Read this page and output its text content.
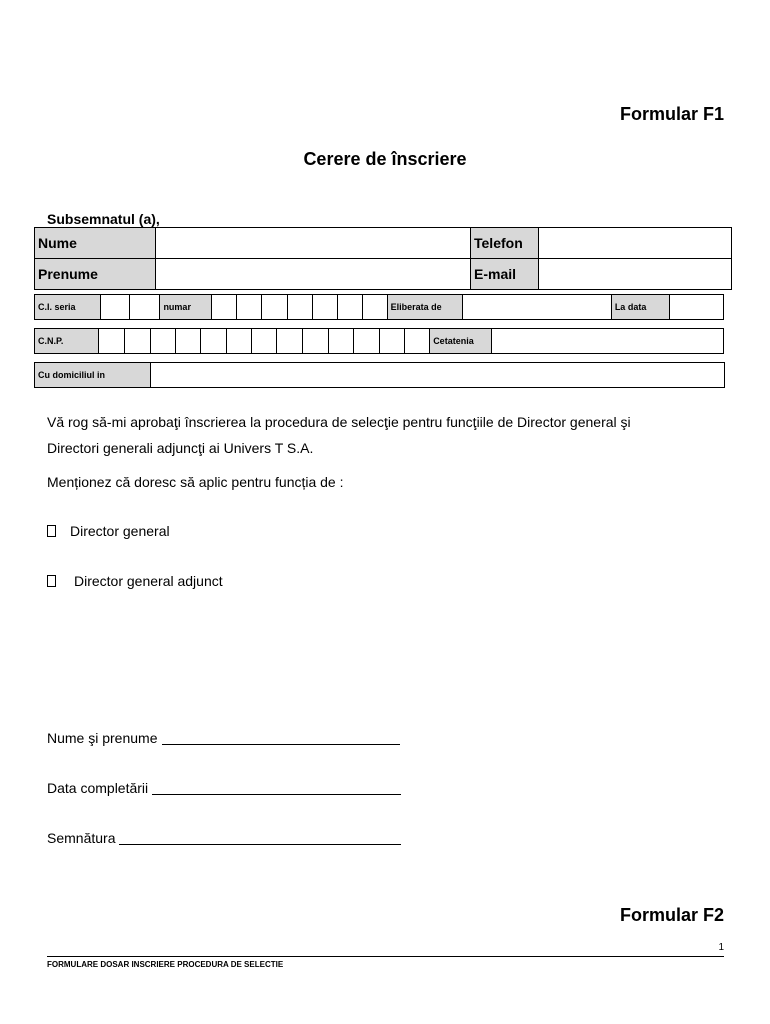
Formular F1
Cerere de înscriere
Subsemnatul (a),
Nume		Telefon	
Prenume		E-mail	
C.I. seria			numar								Eliberata de		La data	
C.N.P.														Cetatenia	
Cu domiciliul in	
Vă rog să-mi aprobaţi înscrierea la procedura de selecţie pentru funcţiile de Director general şi
Directori generali adjuncţi ai Univers T S.A.
Menționez că doresc să aplic pentru funcția de :
Director general
Director general adjunct
Nume şi prenume
Data completării
Semnătura
Formular F2
1
FORMULARE DOSAR INSCRIERE PROCEDURA DE SELECTIE
